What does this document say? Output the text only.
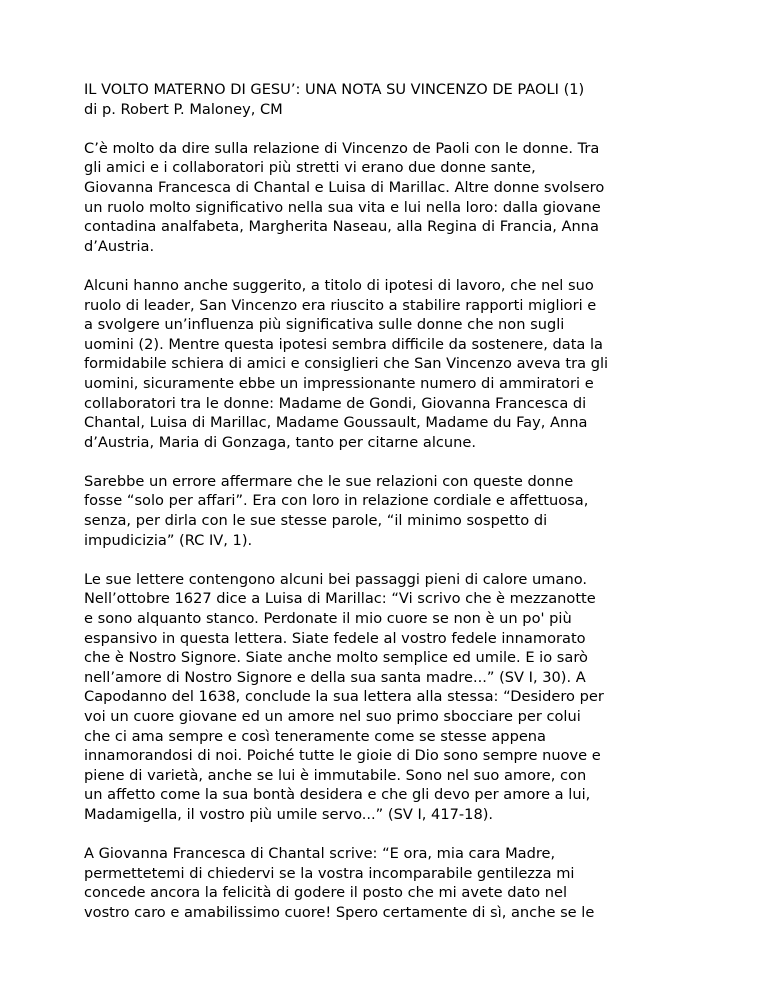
IL VOLTO MATERNO DI GESU’: UNA NOTA SU VINCENZO DE PAOLI (1)
di p. Robert P. Maloney, CM
C’è molto da dire sulla relazione di Vincenzo de Paoli con le donne. Tra
gli amici e i collaboratori più stretti vi erano due donne sante,
Giovanna Francesca di Chantal e Luisa di Marillac. Altre donne svolsero
un ruolo molto significativo nella sua vita e lui nella loro: dalla giovane
contadina analfabeta, Margherita Naseau, alla Regina di Francia, Anna
d’Austria.
Alcuni hanno anche suggerito, a titolo di ipotesi di lavoro, che nel suo
ruolo di leader, San Vincenzo era riuscito a stabilire rapporti migliori e
a svolgere un’influenza più significativa sulle donne che non sugli
uomini (2). Mentre questa ipotesi sembra difficile da sostenere, data la
formidabile schiera di amici e consiglieri che San Vincenzo aveva tra gli
uomini, sicuramente ebbe un impressionante numero di ammiratori e
collaboratori tra le donne: Madame de Gondi, Giovanna Francesca di
Chantal, Luisa di Marillac, Madame Goussault, Madame du Fay, Anna
d’Austria, Maria di Gonzaga, tanto per citarne alcune.
Sarebbe un errore affermare che le sue relazioni con queste donne
fosse “solo per affari”. Era con loro in relazione cordiale e affettuosa,
senza, per dirla con le sue stesse parole, “il minimo sospetto di
impudicizia” (RC IV, 1).
Le sue lettere contengono alcuni bei passaggi pieni di calore umano.
Nell’ottobre 1627 dice a Luisa di Marillac: “Vi scrivo che è mezzanotte
e sono alquanto stanco. Perdonate il mio cuore se non è un po' più
espansivo in questa lettera. Siate fedele al vostro fedele innamorato
che è Nostro Signore. Siate anche molto semplice ed umile. E io sarò
nell’amore di Nostro Signore e della sua santa madre...” (SV I, 30). A
Capodanno del 1638, conclude la sua lettera alla stessa: “Desidero per
voi un cuore giovane ed un amore nel suo primo sbocciare per colui
che ci ama sempre e così teneramente come se stesse appena
innamorandosi di noi. Poiché tutte le gioie di Dio sono sempre nuove e
piene di varietà, anche se lui è immutabile. Sono nel suo amore, con
un affetto come la sua bontà desidera e che gli devo per amore a lui,
Madamigella, il vostro più umile servo...” (SV I, 417-18).
A Giovanna Francesca di Chantal scrive: “E ora, mia cara Madre,
permettetemi di chiedervi se la vostra incomparabile gentilezza mi
concede ancora la felicità di godere il posto che mi avete dato nel
vostro caro e amabilissimo cuore! Spero certamente di sì, anche se le
